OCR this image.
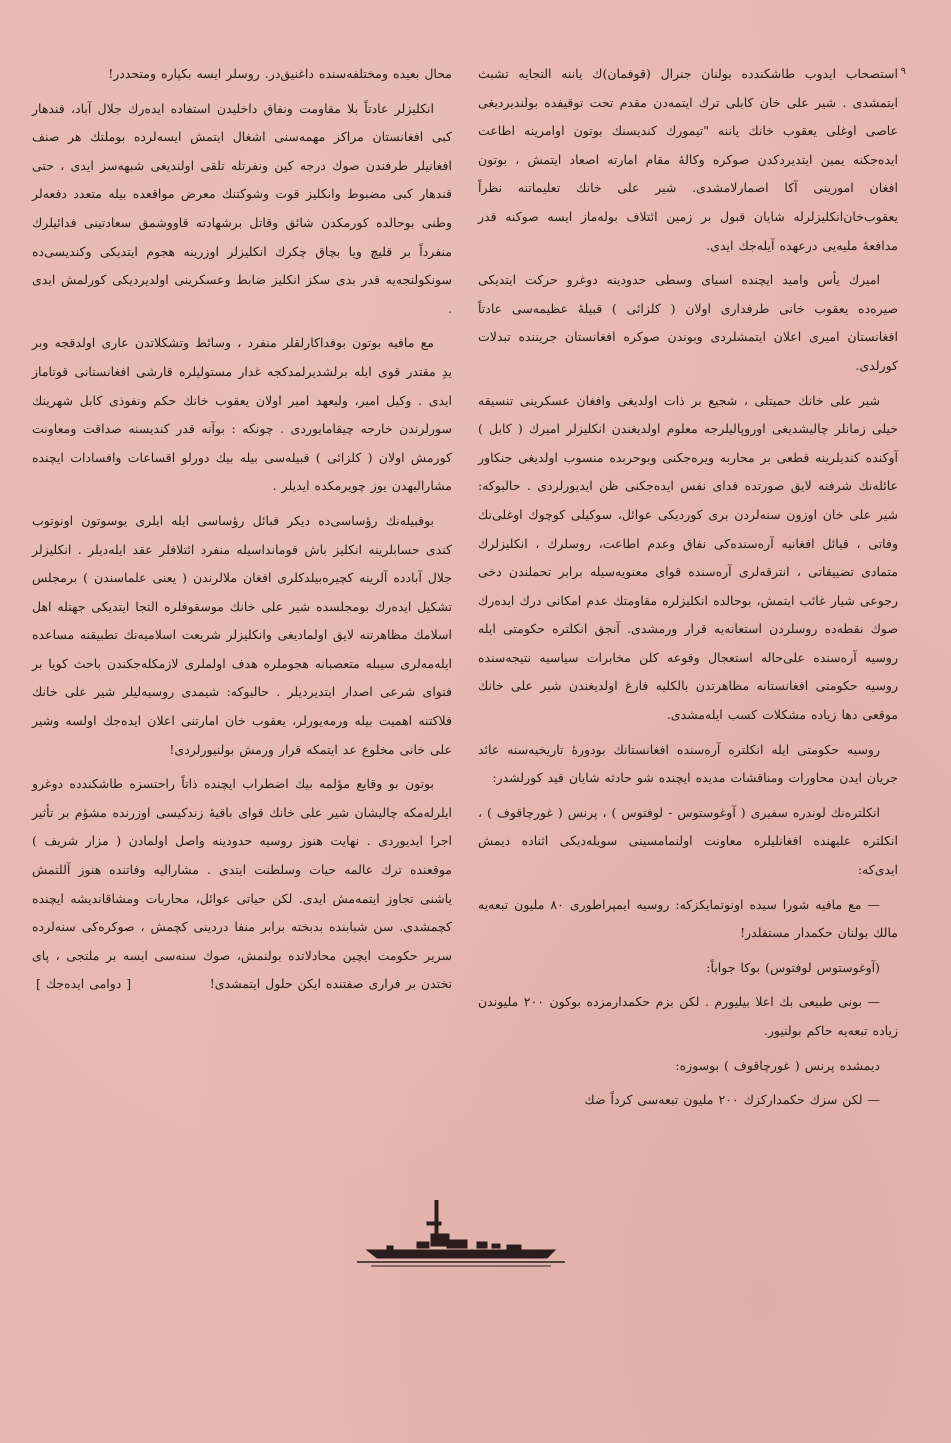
٩

استصحاب ایدوب طاشکندده بولنان جنرال (قوفمان)ك یاننه التجایه تشبث ایتمشدی . شیر علی خان کابلی ترك ایتمه‌دن مقدم تحت توقیفده بولندیردیغی عاصی اوغلی یعقوب خانك یاننه "تیمورك کندیسنك بوتون اوامرینه اطاعت ایده‌جکنه یمین ایتدیردکدن صوکره وکالهٔ مقام امارته اصعاد ایتمش ، بوتون افغان امورینی آکا اصمارلامشدی. شیر علی خانك تعلیماتنه نظراً یعقوب‌خان‌انکلیزلرله شایان قبول بر زمین ائتلاف بوله‌ماز ایسه صوکنه قدر مدافعهٔ ملیه‌یی درعهده آیله‌جك ایدی.

امیرك یأس وامید ایچنده اسیای وسطی حدودینه دوغرو حرکت ایتدیکی صیره‌ده یعقوب خانی طرفداری اولان ( کلزائی ) قبیلهٔ عظیمه‌سی عادتاً افغانستان امیری اعلان ایتمشلردی وبوندن صوکره افغانستان جریننده تبدلات کورلدی.

شیر علی خانك حمیتلی ، شجیع بر ذات اولدیغی وافغان عسکرینی تنسیقه خیلی زمانلر چالیشدیغی اوروپالیلرجه معلوم اولدیغندن انکلیزلر امیرك ( کابل ) آوکنده کندیلرینه قطعی بر محاربه ویره‌جکنی وبوحربده منسوب اولدیغی جنکاور عائله‌نك شرفنه لایق صورتده فدای نفس ایده‌جکنی ظن ایدیورلردی . حالبوکه: شیر علی خان اوزون سنه‌لردن بری کوردیکی عوائل، سوکیلی کوچوك اوغلی‌نك وفاتی ، قبائل افغانیه آره‌سنده‌کی نفاق وعدم اطاعت، روسلرك ، انکلیزلرك متمادی تضییقاتی ، انترقه‌لری آره‌سنده قوای معنویه‌سیله برابر تحملندن دخی رجوعی شیار غائب ایتمش، بوحالده انکلیزلره مقاومتك عدم امکانی درك ایده‌رك صوك نقطه‌ده روسلردن استعانه‌یه قرار ورمشدی. آنجق انکلتره حکومتی ایله روسیه آره‌سنده علی‌حاله استعجال وقوعه کلن مخابرات سیاسیه نتیجه‌سنده روسیه حکومتی افغانستانه مظاهرتدن بالکلیه فارغ اولدیغندن شیر علی خانك موقعی دها زیاده مشکلات کسب ایله‌مشدی.

روسیه حکومتی ایله انکلتره آره‌سنده افغانستانك بودورهٔ تاریخیه‌سنه عائد جریان ایدن محاورات ومناقشات مدیده ایچنده شو حادثه شایان قید کورلشدر:

انکلتره‌نك لوندره سفیری ( آوغوستوس - لوفتوس ) ، پرنس ( غورچاقوف ) ، انکلتره علیهنده افغانلیلره معاونت اولنمامسینی سویله‌دیکی اثناده دیمش ایدی‌که:

— مع مافیه شورا سیده اونوتمایکزکه: روسیه ایمپراطوری ۸۰ ملیون تبعه‌یه مالك بولنان حکمدار مستقلدر!

(آوغوستوس لوفتوس) بوکا جواباً:

— بونی طبیعی بك اعلا بیلیورم . لکن بزم حکمدارمزده بوکون ۲۰۰ ملیوندن زیاده تبعه‌یه حاکم بولنیور.

دیمشده پرنس ( غورچاقوف ) بوسوزه:

— لکن سزك حکمدارکزك ۲۰۰ ملیون تبعه‌سی کرداً ضك

محال بعیده ومختلفه‌سنده داغنیق‌در. روسلر ایسه بکپاره ومتحد‌در!

انکلیزلر عادتاً بلا مقاومت ونفاق داخلیدن استفاده ایده‌رك جلال آباد، قندهار کبی افغانستان مراکز مهمه‌سنی اشغال ایتمش ایسه‌لرده بوملتك هر صنف افغانیلر طرفندن صوك درجه کین ونفرتله تلقی اولندیغی شبهه‌سز ایدی ، حتی قندهار کبی مضبوط وانکلیز قوت وشوکتنك معرض مواقعده بیله متعدد دفعه‌لر وطنی بوحالده کورمکدن شائق وقاتل برشهادته قاووشمق سعادتینی فدائیلرك منفرداً بر قلیچ ویا بچاق چکرك انکلیزلر اوزرینه هجوم ایتدیکی وکندیسی‌ده سونکولنجه‌یه قدر بدی سکز انکلیز ضابط وعسکرینی اولدیردیکی کورلمش ایدی .

مع مافیه بوتون بوفداکار‌لقلر منفرد ، وسائط وتشکلاتدن عاری اولدقجه وبر یدِ مقتدر قوی ایله برلشدیرلمدکجه غدار مستولیلره قارشی افغانستانی قوتاماز ایدی . وکیل امیر، ولیعهد امیر اولان یعقوب خانك حکم ونفوذی کابل شهرینك سورلرندن خارجه چیقامایوردی . چونکه : بوآنه قدر کندیسنه صداقت ومعاونت کورمش اولان ( کلزائی ) قبیله‌سی بیله بیك دورلو اقساعات وافسادات ایچنده مشارالیهدن یوز چویرمکده ایدیلر .

بوقبیله‌نك رؤساسی‌ده دیکر قبائل رؤساسی ایله ایلری یوسوتون اونوتوب کندی حسابلرینه انکلیز باش قومانداسیله منفرد ائتلافلر عقد ایله‌دیلر . انکلیزلر جلال آبادده آلرینه کچیره‌بیلدکلری افغان ملالرندن ( یعنی علماسندن ) برمجلس تشکیل ایده‌رك بومجلسده شیر علی خانك موسقوفلره التجا ایتدیکی جهتله اهل اسلامك مظاهرتنه لایق اولمادیغی وانکلیزلر شریعت اسلامیه‌نك تطبیقنه مساعده ایله‌مه‌لری سیبله متعصبانه هجوملره هدف اولملری لازمکله‌جکندن باحث کویا بر فتوای شرعی اصدار ایتدیردیلر . حالبوکه: شیمدی روسیه‌لیلر شیر علی خانك فلاکتنه اهمیت بیله ورمه‌یورلر، یعقوب خان امارتنی اعلان ایده‌جك اولسه وشیر علی خانی مخلوع عد ایتمکه قرار ورمش بولنیورلردی!

بوتون بو وقایع مؤلمه بیك اضطراب ایچنده ذاتاً راحتسزه طاشکندده دوغرو ایلرله‌مکه چالیشان شیر علی خانك قوای باقیهٔ زندکیسی اوزرنده مشؤم بر تأثیر اجرا ایدیوردی . نهایت هنوز روسیه حدودینه واصل اولمادن ( مزار شریف ) موقعنده ترك عالمه حیات وسلطنت ایتدی . مشارالیه وفاتنده هنوز آللتمش یاشنی تجاوز ایتمه‌مش ایدی. لکن حیاتی عوائل، محاربات ومشاقاندیشه ایچنده کچمشدی. سن شبابنده بدبخته برابر منفا دردینی کچمش ، صوکره‌کی سنه‌لرده سریر حکومت ایچین محادلاتده بولنمش، صوك سنه‌سی ایسه بر ملتجی ، پای تختدن بر فراری صفتنده ایکن حلول ایتمشدی!
[ دوامی ایده‌جك ]
